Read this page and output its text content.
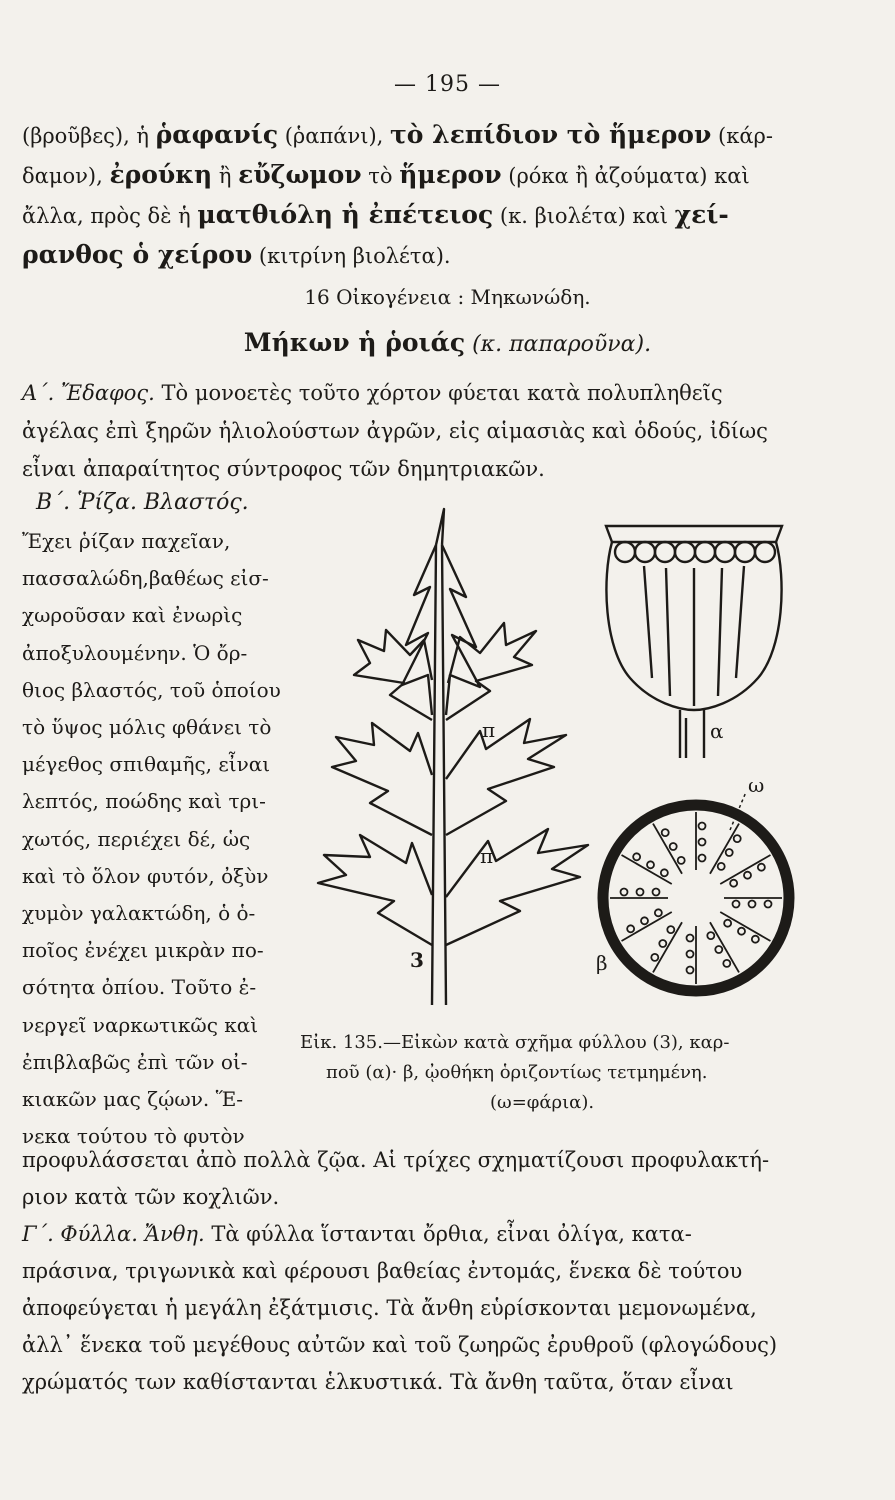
— 195 —
(βροῦβες), ἡ ῥαφανίς (ῥαπάνι), τὸ λεπίδιον τὸ ἥμερον (κάρ-
δαμον), ἐρούκη ἢ εὔζωμον τὸ ἥμερον (ρόκα ἢ ἀζούματα) καὶ
ἄλλα, πρὸς δὲ ἡ ματθιόλη ἡ ἐπέτειος (κ. βιολέτα) καὶ χεί-
ρανθος ὁ χείρου (κιτρίνη βιολέτα).
16 Οἰκογένεια : Μηκωνώδη.
Μήκων ἡ ῥοιάς (κ. παπαροῦνα).
Α΄. Ἔδαφος. Τὸ μονοετὲς τοῦτο χόρτον φύεται κατὰ πολυπληθεῖς
ἀγέλας ἐπὶ ξηρῶν ἡλιολούστων ἀγρῶν, εἰς αἱμασιὰς καὶ ὁδούς, ἰδίως
εἶναι ἀπαραίτητος σύντροφος τῶν δημητριακῶν.
Β΄. Ῥίζα. Βλαστός.
Ἔχει ῥίζαν παχεῖαν,
πασσαλώδη,βαθέως εἰσ-
χωροῦσαν καὶ ἐνωρὶς
ἀποξυλουμένην. Ὁ ὄρ-
θιος βλαστός, τοῦ ὁποίου
τὸ ὕψος μόλις φθάνει τὸ
μέγεθος σπιθαμῆς, εἶναι
λεπτός, ποώδης καὶ τρι-
χωτός, περιέχει δέ, ὡς
καὶ τὸ ὅλον φυτόν, ὀξὺν
χυμὸν γαλακτώδη, ὁ ὁ-
ποῖος ἐνέχει μικρὰν πο-
σότητα ὀπίου. Τοῦτο ἐ-
νεργεῖ ναρκωτικῶς καὶ
ἐπιβλαβῶς ἐπὶ τῶν οἰ-
κιακῶν μας ζῴων. Ἕ-
νεκα τούτου τὸ φυτὸν
π
π
3
α
ω
β
Εἰκ. 135.—Εἰκὼν κατὰ σχῆμα φύλλου (3), καρ-
ποῦ (α)· β, ᾠοθήκη ὁριζοντίως τετμημένη.
(ω=φάρια).
προφυλάσσεται ἀπὸ πολλὰ ζῷα. Αἱ τρίχες σχηματίζουσι προφυλακτή-
ριον κατὰ τῶν κοχλιῶν.
Γ΄. Φύλλα. Ἄνθη. Τὰ φύλλα ἵστανται ὄρθια, εἶναι ὀλίγα, κατα-
πράσινα, τριγωνικὰ καὶ φέρουσι βαθείας ἐντομάς, ἕνεκα δὲ τούτου
ἀποφεύγεται ἡ μεγάλη ἐξάτμισις. Τὰ ἄνθη εὑρίσκονται μεμονωμένα,
ἀλλ᾽ ἕνεκα τοῦ μεγέθους αὐτῶν καὶ τοῦ ζωηρῶς ἐρυθροῦ (φλογώδους)
χρώματός των καθίστανται ἑλκυστικά. Τὰ ἄνθη ταῦτα, ὅταν εἶναι
